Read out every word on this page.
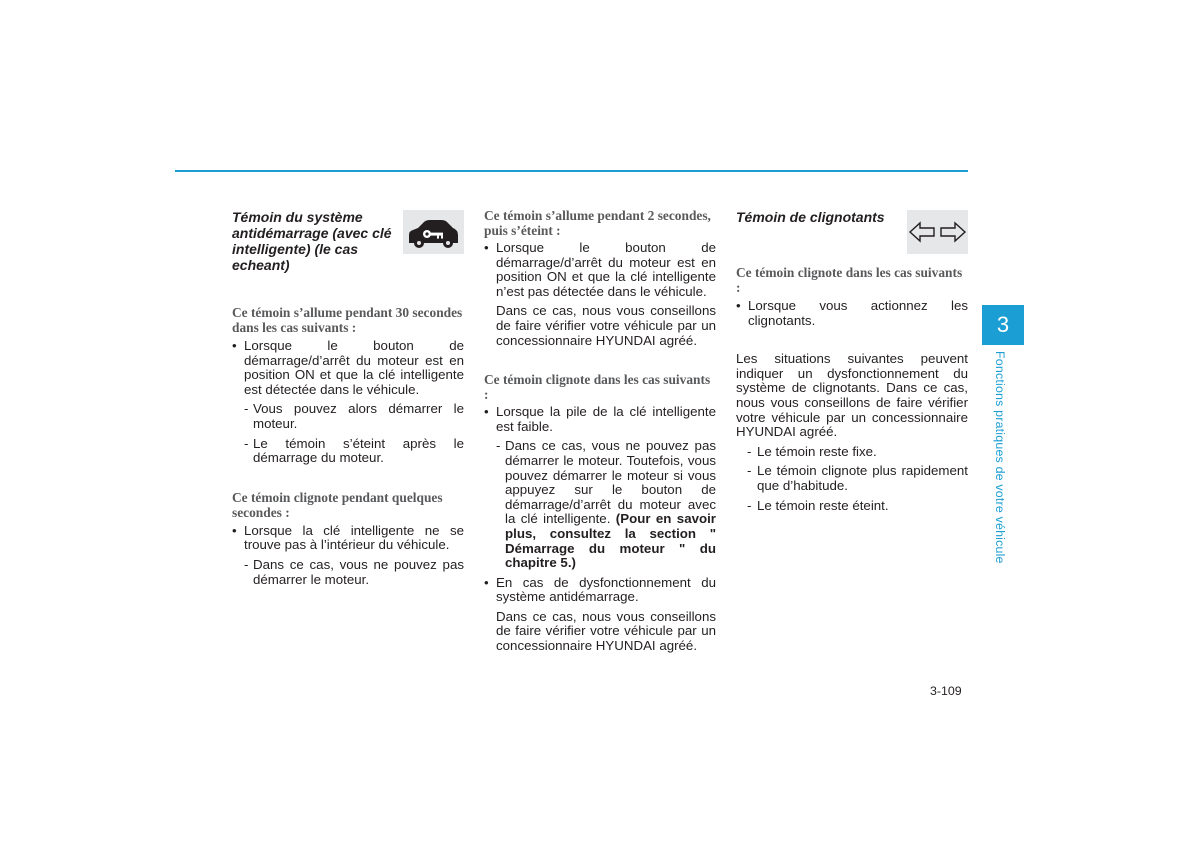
Témoin du système antidémarrage (avec clé intelligente) (le cas echeant)

Ce témoin s’allume pendant 30 secondes dans les cas suivants :

• Lorsque le bouton de démarrage/d’arrêt du moteur est en position ON et que la clé intelligente est détectée dans le véhicule.

- Vous pouvez alors démarrer le moteur.

- Le témoin s’éteint après le démarrage du moteur.

Ce témoin clignote pendant quelques secondes :

• Lorsque la clé intelligente ne se trouve pas à l’intérieur du véhicule.

- Dans ce cas, vous ne pouvez pas démarrer le moteur.

Ce témoin s’allume pendant 2 secondes, puis s’éteint :

• Lorsque le bouton de démarrage/d’arrêt du moteur est en position ON et que la clé intelligente n’est pas détectée dans le véhicule.

Dans ce cas, nous vous conseillons de faire vérifier votre véhicule par un concessionnaire HYUNDAI agréé.

Ce témoin clignote dans les cas suivants :

• Lorsque la pile de la clé intelligente est faible.

- Dans ce cas, vous ne pouvez pas démarrer le moteur. Toutefois, vous pouvez démarrer le moteur si vous appuyez sur le bouton de démarrage/d’arrêt du moteur avec la clé intelligente. (Pour en savoir plus, consultez la section " Démarrage du moteur " du chapitre 5.)

• En cas de dysfonctionnement du système antidémarrage.

Dans ce cas, nous vous conseillons de faire vérifier votre véhicule par un concessionnaire HYUNDAI agréé.

Témoin de clignotants

Ce témoin clignote dans les cas suivants :

• Lorsque vous actionnez les clignotants.

Les situations suivantes peuvent indiquer un dysfonctionnement du système de clignotants. Dans ce cas, nous vous conseillons de faire vérifier votre véhicule par un concessionnaire HYUNDAI agréé.

- Le témoin reste fixe.

- Le témoin clignote plus rapidement que d’habitude.

- Le témoin reste éteint.

3
Fonctions pratiques de votre véhicule
3-109
